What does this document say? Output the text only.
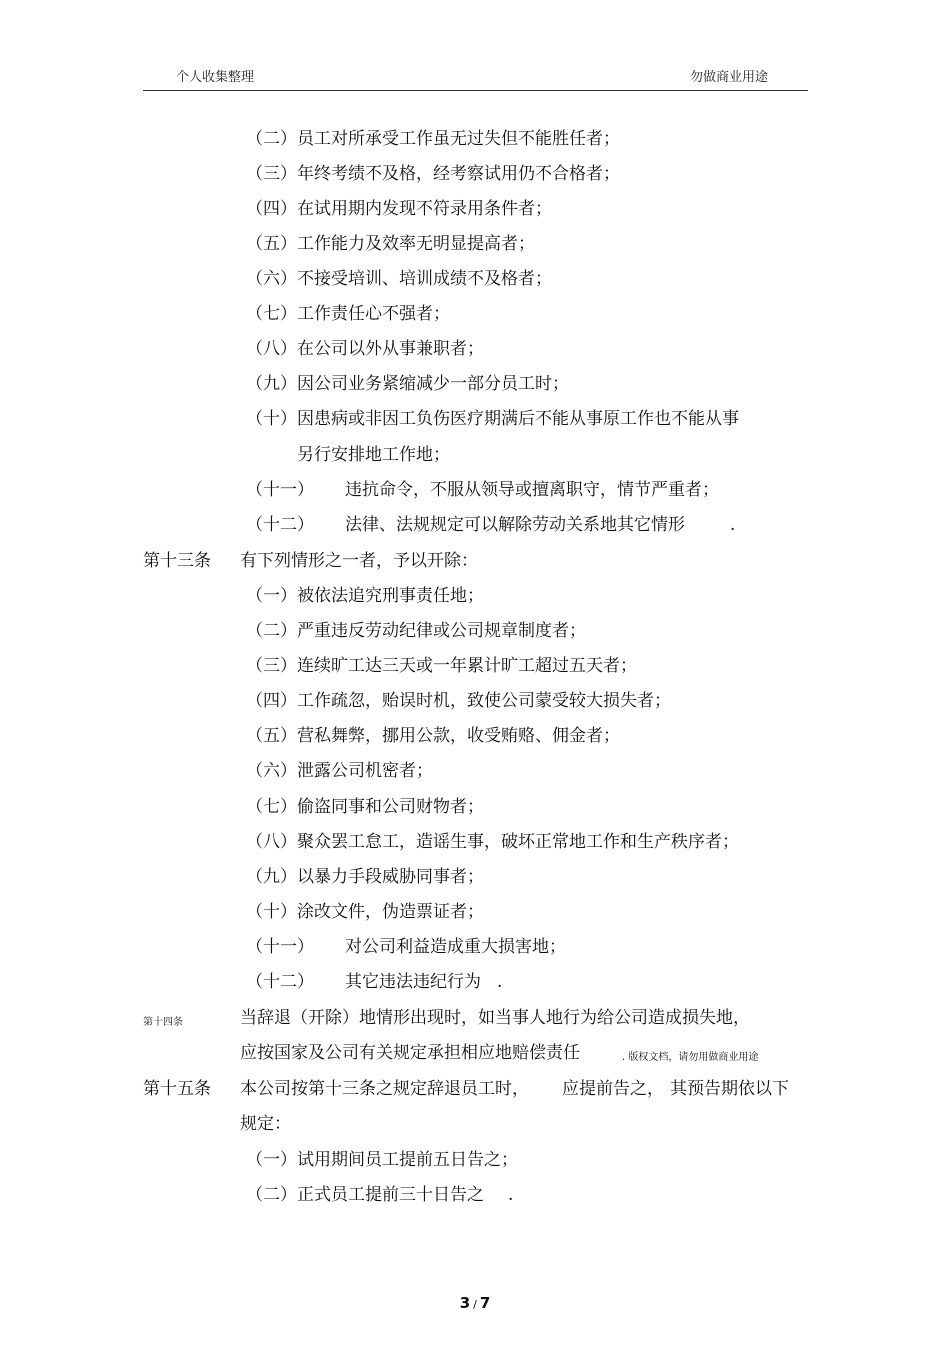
个人收集整理	勿做商业用途
（二）员工对所承受工作虽无过失但不能胜任者；
（三）年终考绩不及格，经考察试用仍不合格者；
（四）在试用期内发现不符录用条件者；
（五）工作能力及效率无明显提高者；
（六）不接受培训、培训成绩不及格者；
（七）工作责任心不强者；
（八）在公司以外从事兼职者；
（九）因公司业务紧缩减少一部分员工时；
（十）因患病或非因工负伤医疗期满后不能从事原工作也不能从事
另行安排地工作地；
（十一） 违抗命令，不服从领导或擅离职守，情节严重者；
（十二） 法律、法规规定可以解除劳动关系地其它情形	.
第十三条 有下列情形之一者，予以开除：
（一）被依法追究刑事责任地；
（二）严重违反劳动纪律或公司规章制度者；
（三）连续旷工达三天或一年累计旷工超过五天者；
（四）工作疏忽，贻误时机，致使公司蒙受较大损失者；
（五）营私舞弊，挪用公款，收受贿赂、佣金者；
（六）泄露公司机密者；
（七）偷盗同事和公司财物者；
（八）聚众罢工怠工，造谣生事，破坏正常地工作和生产秩序者；
（九）以暴力手段威胁同事者；
（十）涂改文件，伪造票证者；
（十一） 对公司利益造成重大损害地；
（十二） 其它违法违纪行为 .
第十四条	当辞退（开除）地情形出现时，如当事人地行为给公司造成损失地，
应按国家及公司有关规定承担相应地赔偿责任	. 版权文档，请勿用做商业用途
第十五条 本公司按第十三条之规定辞退员工时， 应提前告之， 其预告期依以下
规定：
（一）试用期间员工提前五日告之；
（二）正式员工提前三十日告之 .
3 / 7
